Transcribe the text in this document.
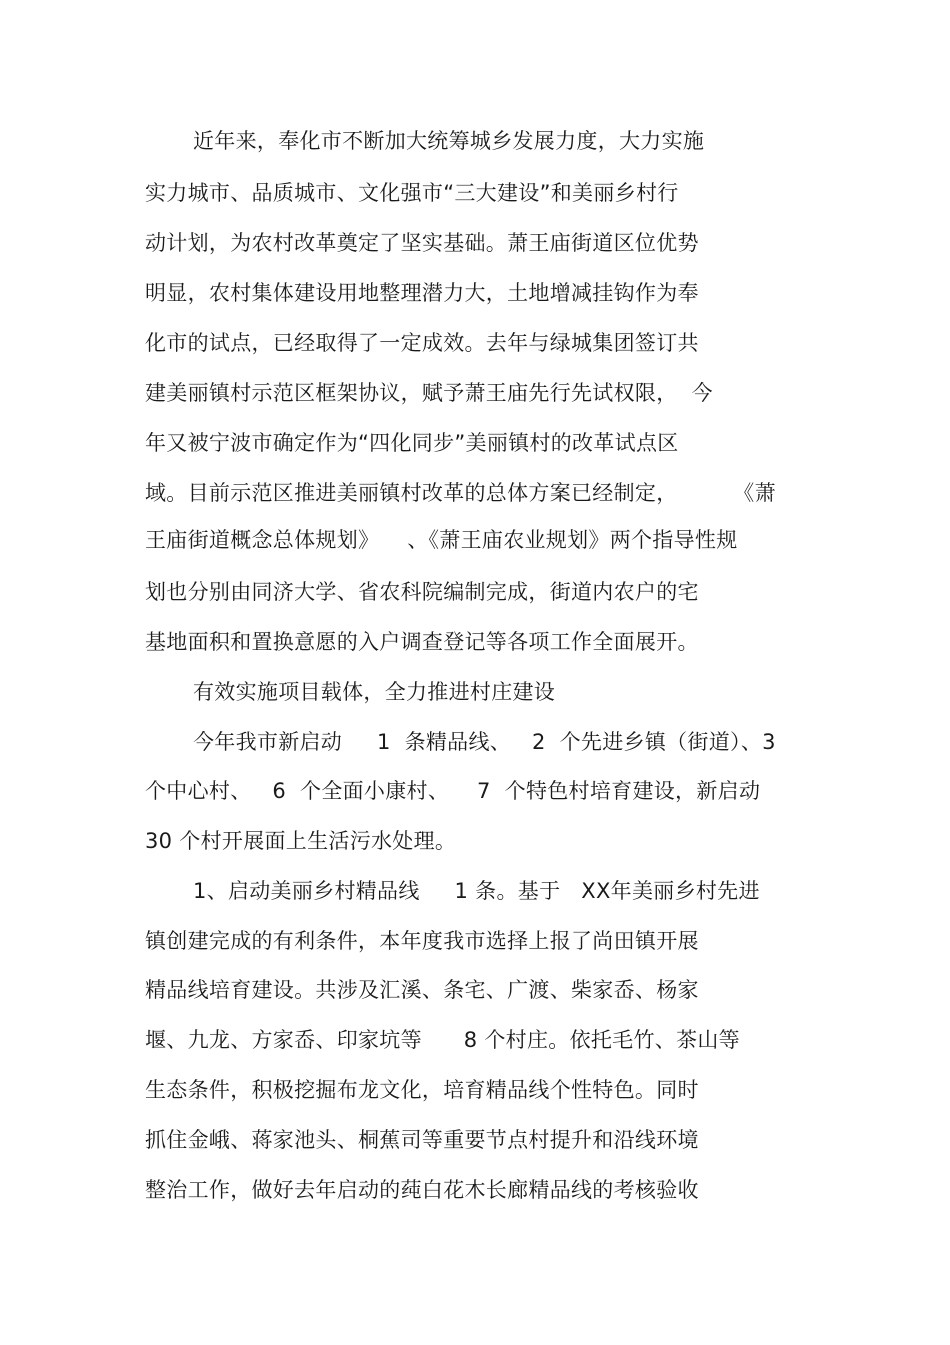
近年来，奉化市不断加大统筹城乡发展力度，大力实施
实力城市、品质城市、文化强市“三大建设”和美丽乡村行
动计划，为农村改革奠定了坚实基础。萧王庙街道区位优势
明显，农村集体建设用地整理潜力大，土地增减挂钩作为奉
化市的试点，已经取得了一定成效。去年与绿城集团签订共
建美丽镇村示范区框架协议，赋予萧王庙先行先试权限，  今
年又被宁波市确定作为“四化同步”美丽镇村的改革试点区
域。目前示范区推进美丽镇村改革的总体方案已经制定，        《萧
王庙街道概念总体规划》    、《萧王庙农业规划》两个指导性规
划也分别由同济大学、省农科院编制完成，街道内农户的宅
基地面积和置换意愿的入户调查登记等各项工作全面展开。
有效实施项目载体，全力推进村庄建设
今年我市新启动     1  条精品线、   2  个先进乡镇（街道）、3
个中心村、   6  个全面小康村、    7  个特色村培育建设，新启动
30 个村开展面上生活污水处理。
1、启动美丽乡村精品线     1 条。基于   XX年美丽乡村先进
镇创建完成的有利条件，本年度我市选择上报了尚田镇开展
精品线培育建设。共涉及汇溪、条宅、广渡、柴家岙、杨家
堰、九龙、方家岙、印家坑等      8 个村庄。依托毛竹、茶山等
生态条件，积极挖掘布龙文化，培育精品线个性特色。同时
抓住金峨、蒋家池头、桐蕉司等重要节点村提升和沿线环境
整治工作，做好去年启动的莼白花木长廊精品线的考核验收
